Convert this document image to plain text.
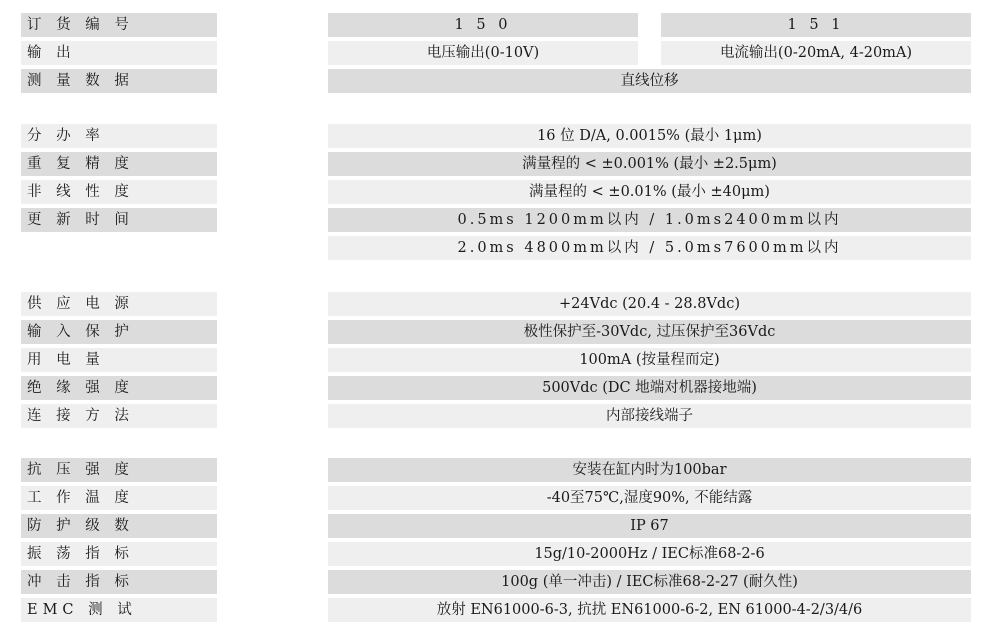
订 货 编 号	1 5 0	1 5 1
输 出	电压输出(0-10V)	电流输出(0-20mA, 4-20mA)
测 量 数 据	直线位移
分 办 率	16 位 D/A, 0.0015% (最小 1μm)
重 复 精 度	满量程的 < ±0.001% (最小 ±2.5μm)
非 线 性 度	满量程的 < ±0.01% (最小 ±40μm)
更 新 时 间	0.5ms 1200mm以内 / 1.0ms2400mm以内
2.0ms 4800mm以内 / 5.0ms7600mm以内
供 应 电 源	+24Vdc (20.4 - 28.8Vdc)
输 入 保 护	极性保护至-30Vdc, 过压保护至36Vdc
用 电 量	100mA (按量程而定)
绝 缘 强 度	500Vdc (DC 地端对机器接地端)
连 接 方 法	内部接线端子
抗 压 强 度	安装在缸内时为100bar
工 作 温 度	-40至75℃,湿度90%, 不能结露
防 护 级 数	IP 67
振 荡 指 标	15g/10-2000Hz / IEC标准68-2-6
冲 击 指 标	100g (单一冲击) / IEC标准68-2-27 (耐久性)
EMC 测 试	放射 EN61000-6-3, 抗扰 EN61000-6-2, EN 61000-4-2/3/4/6
